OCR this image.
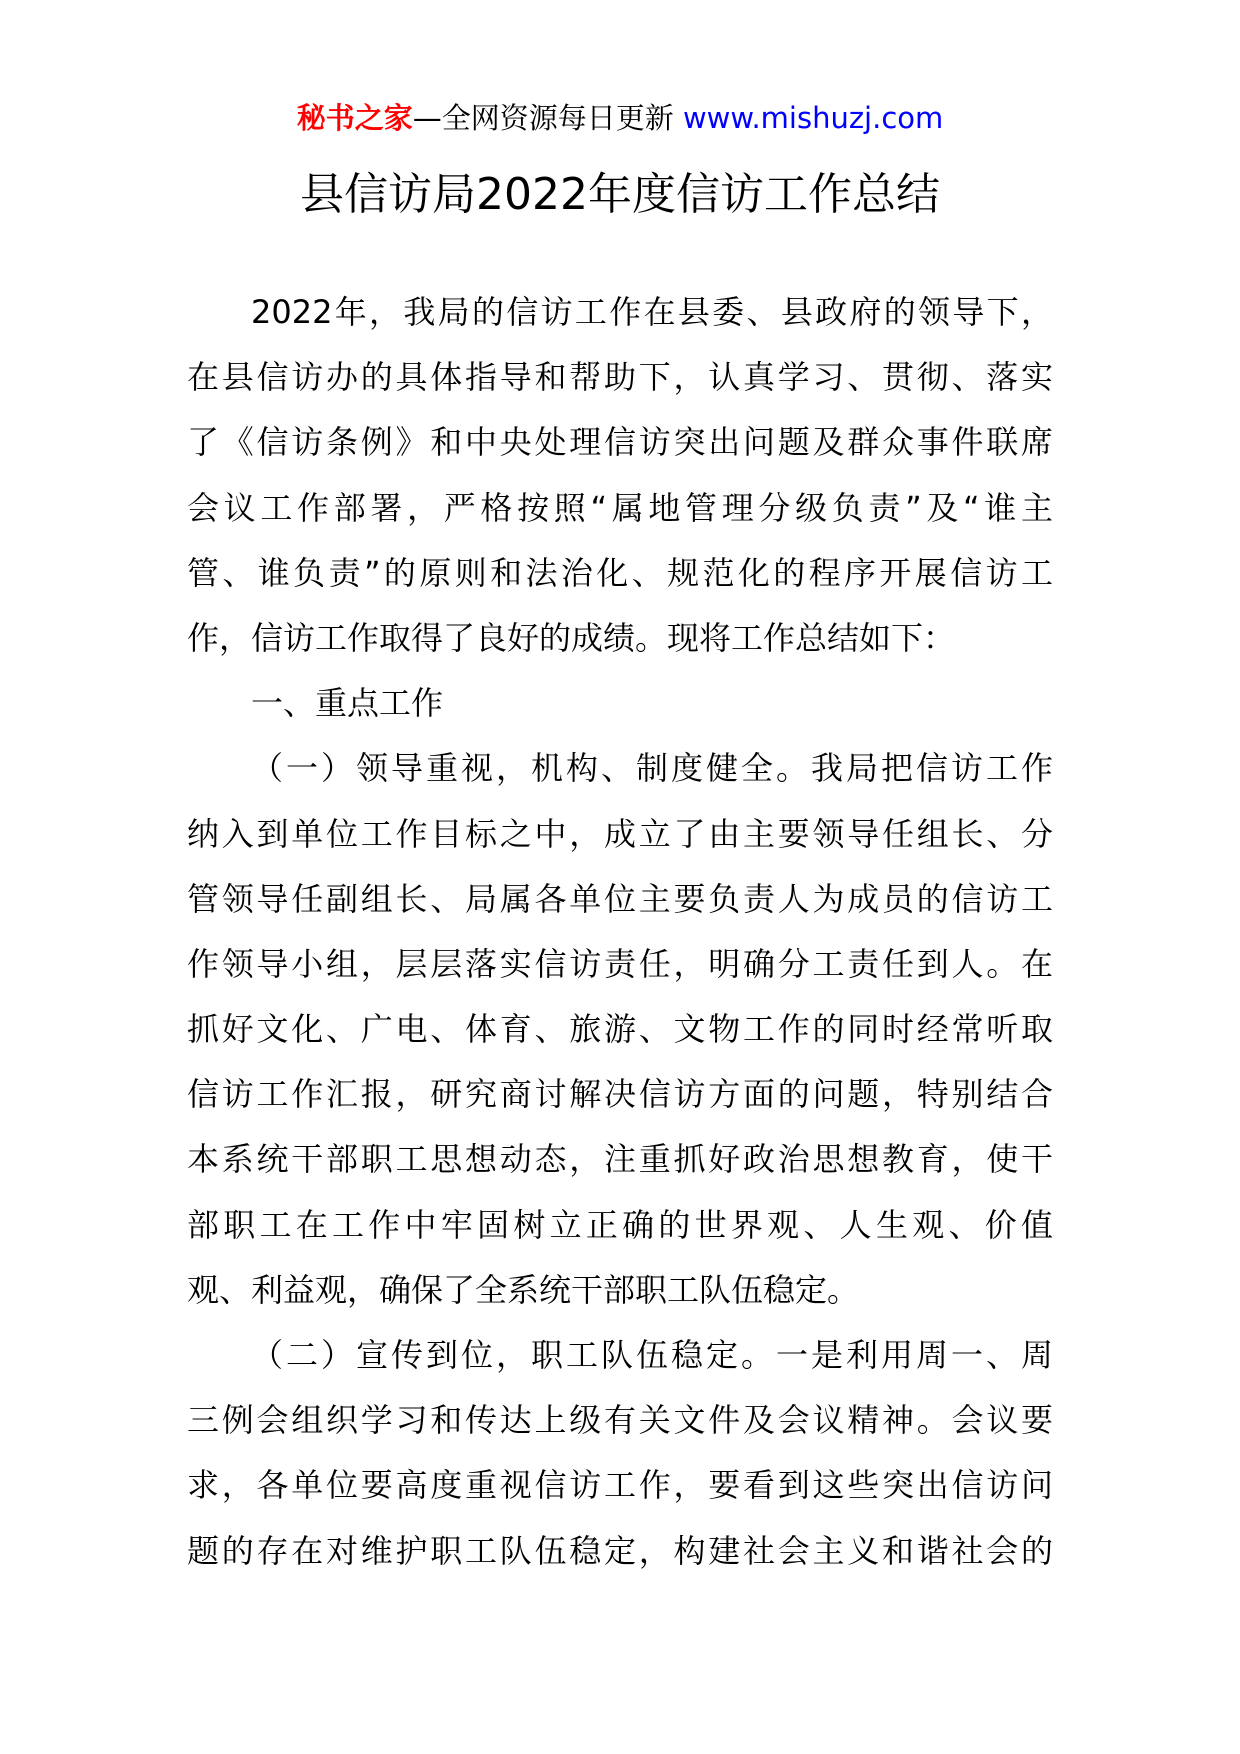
秘书之家—全网资源每日更新 www.mishuzj.com
县信访局2022年度信访工作总结
2022年，我局的信访工作在县委、县政府的领导下，
在县信访办的具体指导和帮助下，认真学习、贯彻、落实
了《信访条例》和中央处理信访突出问题及群众事件联席
会议工作部署，严格按照“属地管理分级负责”及“谁主
管、谁负责”的原则和法治化、规范化的程序开展信访工
作，信访工作取得了良好的成绩。现将工作总结如下：
一、重点工作
（一）领导重视，机构、制度健全。我局把信访工作
纳入到单位工作目标之中，成立了由主要领导任组长、分
管领导任副组长、局属各单位主要负责人为成员的信访工
作领导小组，层层落实信访责任，明确分工责任到人。在
抓好文化、广电、体育、旅游、文物工作的同时经常听取
信访工作汇报，研究商讨解决信访方面的问题，特别结合
本系统干部职工思想动态，注重抓好政治思想教育，使干
部职工在工作中牢固树立正确的世界观、人生观、价值
观、利益观，确保了全系统干部职工队伍稳定。
（二）宣传到位，职工队伍稳定。一是利用周一、周
三例会组织学习和传达上级有关文件及会议精神。会议要
求，各单位要高度重视信访工作，要看到这些突出信访问
题的存在对维护职工队伍稳定，构建社会主义和谐社会的
